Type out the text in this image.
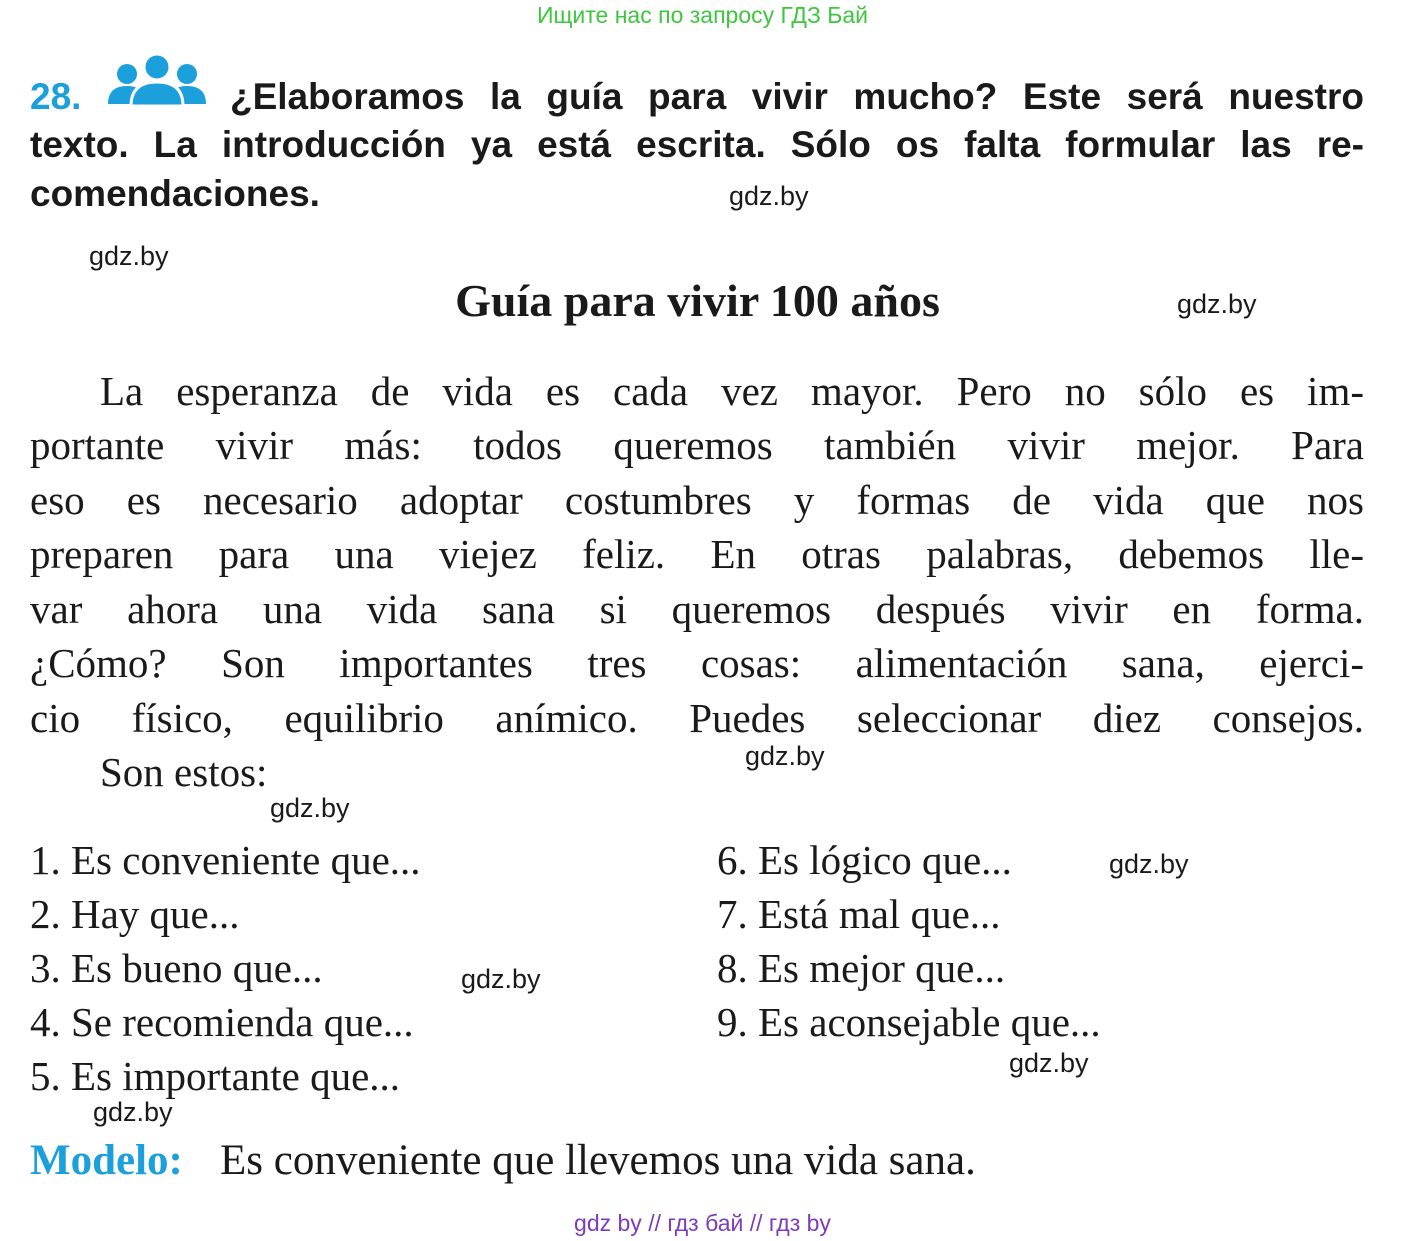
Ищите нас по запросу ГДЗ Бай
28.	¿Elaboramos la guía para vivir mucho? Este será nuestro
texto. La introducción ya está escrita. Sólo os falta formular las re-
comendaciones.	gdz.by
gdz.by
gdz.by
Guía para vivir 100 años
La esperanza de vida es cada vez mayor. Pero no sólo es im-
portante vivir más: todos queremos también vivir mejor. Para
eso es necesario adoptar costumbres y formas de vida que nos
preparen para una viejez feliz. En otras palabras, debemos lle-
var ahora una vida sana si queremos después vivir en forma.
¿Cómo? Son importantes tres cosas: alimentación sana, ejerci-
cio físico, equilibrio anímico. Puedes seleccionar diez consejos.
Son estos:	gdz.by
gdz.by
1. Es conveniente que...
2. Hay que...
3. Es bueno que...
4. Se recomienda que...
5. Es importante que...
6. Es lógico que...
7. Está mal que...
8. Es mejor que...
9. Es aconsejable que...
gdz.by
gdz.by
gdz.by
gdz.by
Modelo: Es conveniente que llevemos una vida sana.
gdz by // гдз бай // гдз by
